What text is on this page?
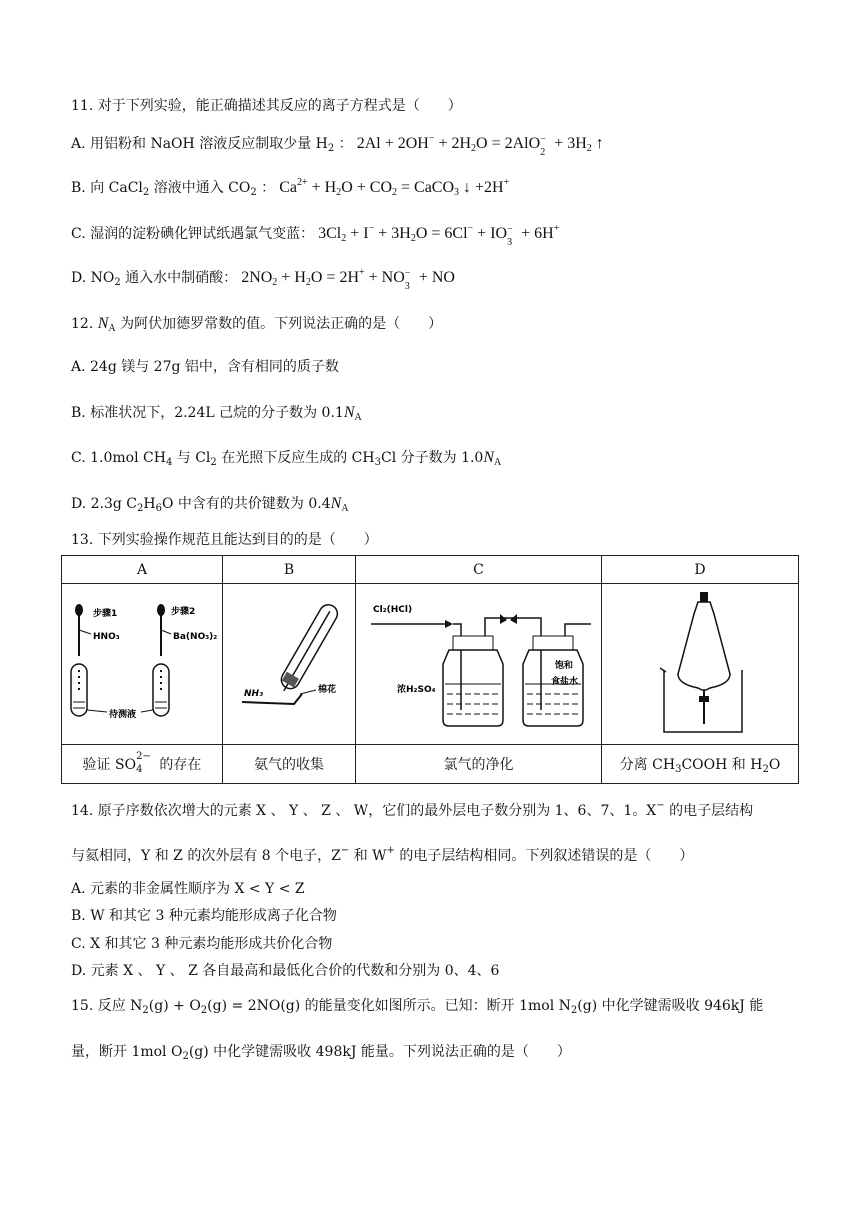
11. 对于下列实验，能正确描述其反应的离子方程式是（　　）
A. 用铝粉和 NaOH 溶液反应制取少量 $H_2$ ： $2Al + 2OH^- + 2H_2O = 2AlO$ −
2
+ $3H_2$ ↑
B. 向 CaCl$_2$ 溶液中通入 $CO_2$ ： $Ca^{2+} + H_2O + CO_2$ = CaCO$_3$ ↓ +2H+
C. 湿润的淀粉碘化钾试纸遇氯气变蓝： $3Cl_2 + I^- + 3H_2O = 6Cl^-$ + IO −
3
+ 6H+
D. $NO_2$ 通入水中制硝酸： $2NO_2 + H_2O = 2H^+$ + NO −
3
+ NO
12. $N_A$ 为阿伏加德罗常数的值。下列说法正确的是（　　）
A. 24g 镁与 27g 铝中，含有相同的质子数
B. 标准状况下，2.24L 己烷的分子数为 $0.1N_A$
C. 1.0mol $CH_4$ 与 $Cl_2$ 在光照下反应生成的 $CH_3Cl$ 分子数为 $1.0N_A$
D. 2.3g $C_2H_6O$ 中含有的共价键数为 $0.4N_A$
13. 下列实验操作规范且能达到目的的是（　　）
A	B	C	D

步骤1 步骤2
HNO₃ Ba(NO₃)₂
待测液	NH₃ 棉花	Cl₂(HCl)
浓H₂SO₄
饱和
食盐水

验证 SO
2−
4 的存在	氨气的收集	氯气的净化	分离 $CH_3COOH$ 和 $H_2O$
14. 原子序数依次增大的元素 X 、 Y 、 Z 、 W，它们的最外层电子数分别为 1、6、7、1。X− 的电子层结构
与氦相同，Y 和 Z 的次外层有 8 个电子，Z− 和 W+ 的电子层结构相同。下列叙述错误的是（　　）
A. 元素的非金属性顺序为 X < Y < Z
B. W 和其它 3 种元素均能形成离子化合物
C. X 和其它 3 种元素均能形成共价化合物
D. 元素 X 、 Y 、 Z 各自最高和最低化合价的代数和分别为 0、4、6
15. 反应 $N_2(g) + O_2(g) = 2NO(g)$ 的能量变化如图所示。已知：断开 1mol $N_2(g)$ 中化学键需吸收 946kJ 能
量，断开 1mol $O_2(g)$ 中化学键需吸收 498kJ 能量。下列说法正确的是（　　）
